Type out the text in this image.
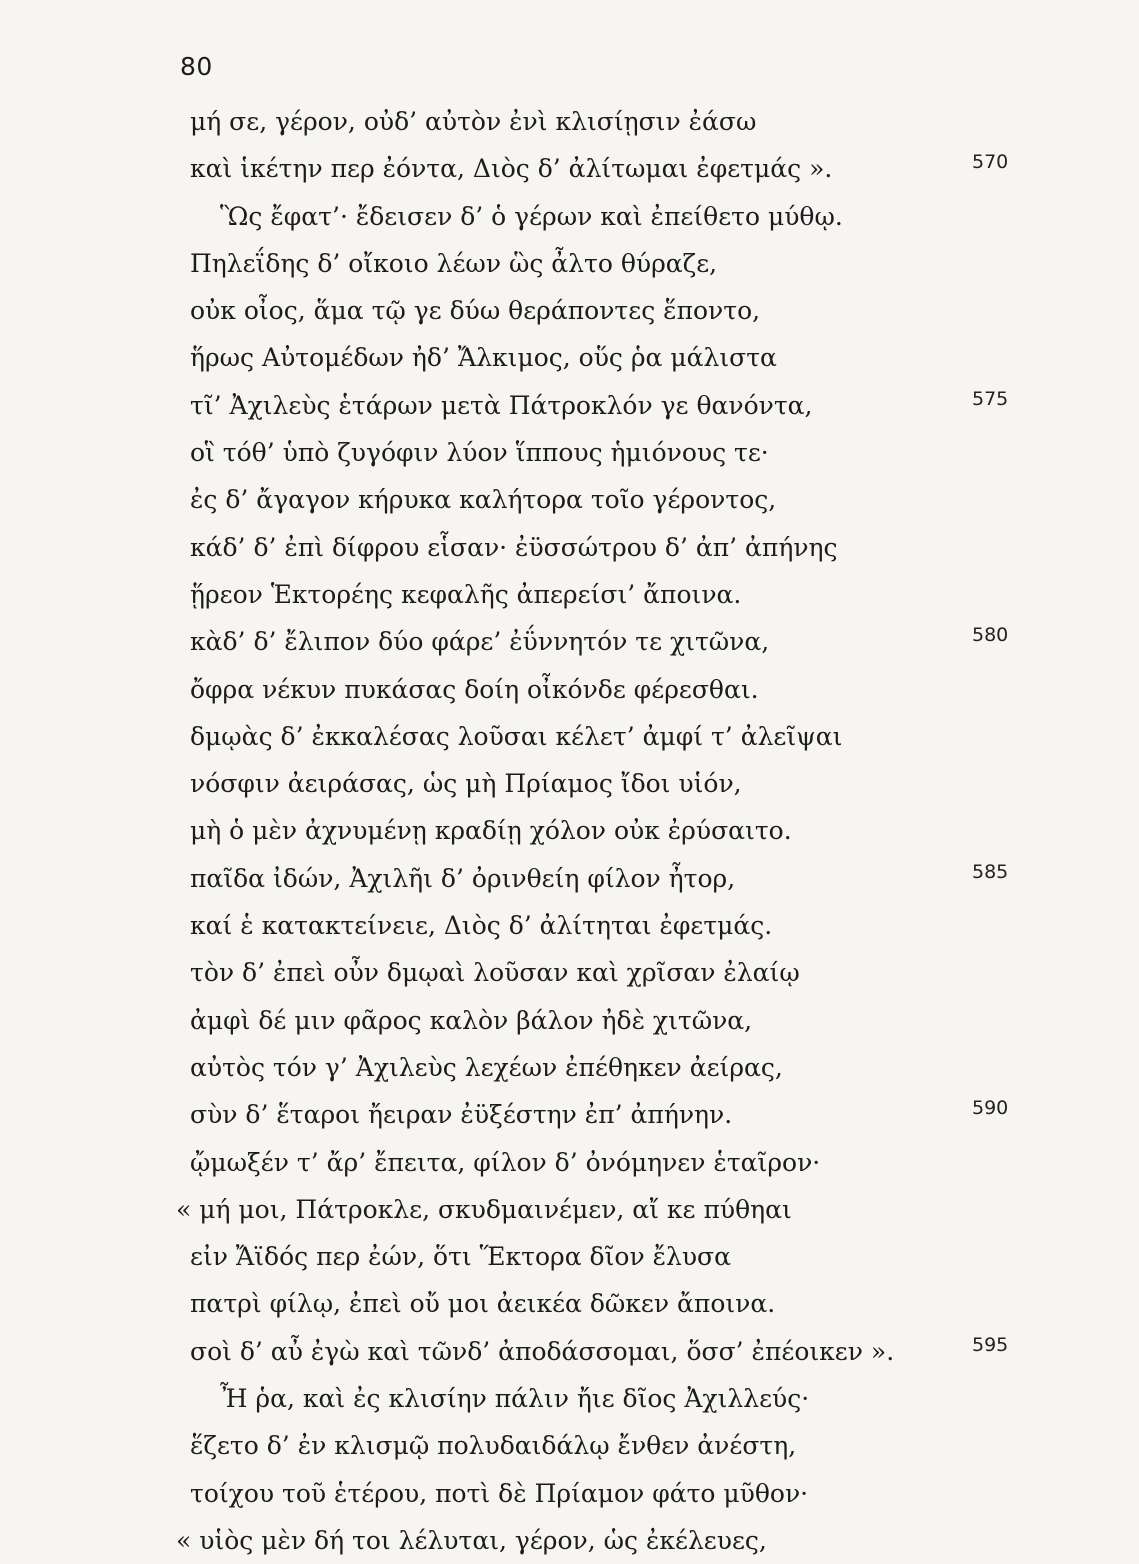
80
μή σε, γέρον, οὐδ’ αὐτὸν ἐνὶ κλισίῃσιν ἐάσω
καὶ ἱκέτην περ ἐόντα, Διὸς δ’ ἀλίτωμαι ἐφετμάς ».	570
Ὣς ἔφατ’· ἔδεισεν δ’ ὁ γέρων καὶ ἐπείθετο μύθῳ.
Πηλεΐδης δ’ οἴκοιο λέων ὣς ἆλτο θύραζε,
οὐκ οἶος, ἅμα τῷ γε δύω θεράποντες ἕποντο,
ἥρως Αὐτομέδων ἠδ’ Ἄλκιμος, οὕς ῥα μάλιστα
τῖ’ Ἀχιλεὺς ἑτάρων μετὰ Πάτροκλόν γε θανόντα,	575
οἳ τόθ’ ὑπὸ ζυγόφιν λύον ἵππους ἡμιόνους τε·
ἐς δ’ ἄγαγον κήρυκα καλήτορα τοῖο γέροντος,
κάδ’ δ’ ἐπὶ δίφρου εἷσαν· ἐϋσσώτρου δ’ ἀπ’ ἀπήνης
ᾕρεον Ἑκτορέης κεφαλῆς ἀπερείσι’ ἄποινα.
κὰδ’ δ’ ἔλιπον δύο φάρε’ ἐΰννητόν τε χιτῶνα,	580
ὄφρα νέκυν πυκάσας δοίη οἶκόνδε φέρεσθαι.
δμῳὰς δ’ ἐκκαλέσας λοῦσαι κέλετ’ ἀμφί τ’ ἀλεῖψαι
νόσφιν ἀειράσας, ὡς μὴ Πρίαμος ἴδοι υἱόν,
μὴ ὁ μὲν ἀχνυμένῃ κραδίῃ χόλον οὐκ ἐρύσαιτο.
παῖδα ἰδών, Ἀχιλῆι δ’ ὀρινθείη φίλον ἦτορ,	585
καί ἑ κατακτείνειε, Διὸς δ’ ἀλίτηται ἐφετμάς.
τὸν δ’ ἐπεὶ οὖν δμῳαὶ λοῦσαν καὶ χρῖσαν ἐλαίῳ
ἀμφὶ δέ μιν φᾶρος καλὸν βάλον ἠδὲ χιτῶνα,
αὐτὸς τόν γ’ Ἀχιλεὺς λεχέων ἐπέθηκεν ἀείρας,
σὺν δ’ ἕταροι ἤειραν ἐϋξέστην ἐπ’ ἀπήνην.	590
ᾤμωξέν τ’ ἄρ’ ἔπειτα, φίλον δ’ ὀνόμηνεν ἑταῖρον·
« μή μοι, Πάτροκλε, σκυδμαινέμεν, αἴ κε πύθηαι
εἰν Ἄϊδός περ ἐών, ὅτι Ἕκτορα δῖον ἔλυσα
πατρὶ φίλῳ, ἐπεὶ οὔ μοι ἀεικέα δῶκεν ἄποινα.
σοὶ δ’ αὖ ἐγὼ καὶ τῶνδ’ ἀποδάσσομαι, ὅσσ’ ἐπέοικεν ».	595
Ἦ ῥα, καὶ ἐς κλισίην πάλιν ἤιε δῖος Ἀχιλλεύς·
ἕζετο δ’ ἐν κλισμῷ πολυδαιδάλῳ ἔνθεν ἀνέστη,
τοίχου τοῦ ἑτέρου, ποτὶ δὲ Πρίαμον φάτο μῦθον·
« υἱὸς μὲν δή τοι λέλυται, γέρον, ὡς ἐκέλευες,
